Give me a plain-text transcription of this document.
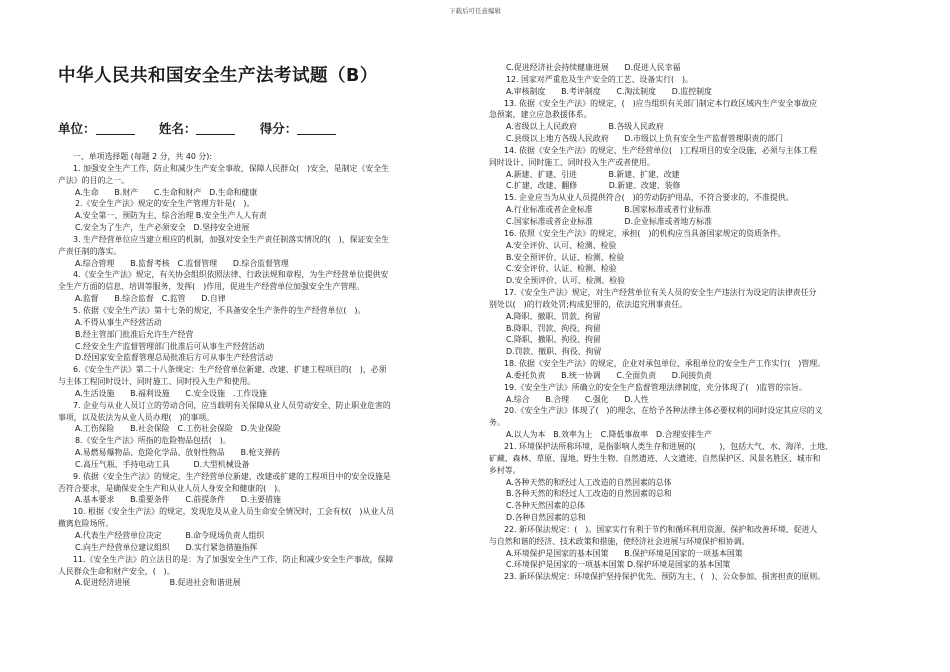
下载后可任意编辑
中华人民共和国安全生产法考试题（B）
单位：	姓名：	得分：
一、单项选择题 (每题 2 分，共 40 分):
1. 加强安全生产工作，防止和减少生产安全事故，保障人民群众(　)安全，是制定《安全生
产法》的目的之一。
A.生命　　B.财产　　C.生命和财产　D.生命和健康
2.《安全生产法》规定的安全生产管理方针是(　)。
A.安全第一、预防为主、综合治理 B.安全生产人人有责
C.安全为了生产，生产必须安全　D.坚持安全进展
3. 生产经营单位应当建立相应的机制，加强对安全生产责任制落实情况的(　)，保证安全生
产责任制的落实。
A.综合管理　　B.监督考核　C.监督管理　　D.综合监督管理
4.《安全生产法》规定，有关协会组织依照法律、行政法规和章程，为生产经营单位提供安
全生产方面的信息、培训等服务，发挥(　)作用，促进生产经营单位加强安全生产管理。
A.监督　　B.综合监督　C.监管　　D.自律
5. 依据《安全生产法》第十七条的规定，不具备安全生产条件的生产经营单位(　)。
A.不得从事生产经营活动
B.经主管部门批准后允许生产经营
C.经安全生产监督管理部门批准后可从事生产经营活动
D.经国家安全监督管理总局批准后方可从事生产经营活动
6.《安全生产法》第二十八条规定：生产经营单位新建、改建、扩建工程项目的(　)，必须
与主体工程同时设计、同时施工、同时投入生产和使用。
A.生活设施　　B.福利设施　　C.安全设施　.工作设施
7. 企业与从业人员订立的劳动合同，应当载明有关保障从业人员劳动安全、防止职业危害的
事项，以及依法为从业人员办理(　)的事项。
A.工伤保险　　B.社会保险　C.工伤社会保险　D.失业保险
8.《安全生产法》所指的危险物品包括(　)。
A.易燃易爆物品、危险化学品、放射性物品　　B.枪支弹药
C.高压气瓶、手持电动工具　　　D.大型机械设备
9. 依据《安全生产法》的规定，生产经营单位新建、改建或扩建的工程项目中的安全设施是
否符合要求，是确保安全生产和从业人员人身安全和健康的(　)。
A.基本要求　　B.重要条件　　C.前提条件　　D.主要措施
10. 根据《安全生产法》的规定，发现危及从业人员生命安全情况时，工会有权(　)从业人员
撤离危险场所。
A.代表生产经营单位决定　　　B.命令现场负责人组织
C.向生产经营单位建议组织　　D.实行紧急措施指挥
11.《安全生产法》的立法目的是：为了加强安全生产工作，防止和减少安全生产事故，保障
人民群众生命和财产安全，(　)。
A.促进经济进展　　　　　B.促进社会和谐进展
C.促进经济社会持续健康进展　　D.促进人民幸福
12. 国家对严重危及生产安全的工艺、设备实行(　)。
A.审核制度　　B.考评制度　　C.淘汰制度　　D.监控制度
13. 依据《安全生产法》的规定，(　)应当组织有关部门制定本行政区域内生产安全事故应
急预案，建立应急救援体系。
A.省级以上人民政府　　　　B.各级人民政府
C.县级以上地方各级人民政府　　D.市级以上负有安全生产监督管理职责的部门
14. 依据《安全生产法》的规定，生产经营单位(　)工程项目的安全设施，必须与主体工程
同时设计、同时施工、同时投入生产或者使用。
A.新建、扩建、引进　　　　B.新建、扩建、改建
C.扩建、改建、翻修　　　　D.新建、改建、装修
15. 企业应当为从业人员提供符合(　)的劳动防护用品，不符合要求的，不准提供。
A.行业标准或者企业标准　　　　B.国家标准或者行业标准
C.国家标准或者企业标准　　　　D.企业标准或者地方标准
16. 依照《安全生产法》的规定，承担(　)的机构应当具备国家规定的资质条件。
A.安全评价、认可、检测、检验
B.安全预评价、认证、检测、检验
C.安全评价、认证、检测、检验
D.安全预评价、认可、检测、检验
17.《安全生产法》规定，对生产经营单位有关人员的安全生产违法行为设定的法律责任分
别处以(　)的行政处罚;构成犯罪的，依法追究刑事责任。
A.降职、撤职、罚款、拘留
B.降职、罚款、拘役、拘留
C.降职、撤职、拘役、拘留
D.罚款、撤职、拘役、拘留
18. 依据《安全生产法》的规定，企业对承包单位、承租单位的安全生产工作实行(　)管理。
A.委托负责　　B.统一协调　　C.全面负责　　D.间接负责
19.《安全生产法》所确立的安全生产监督管理法律制度，充分体现了(　)监管的宗旨。
A.综合　　B.合理　　C.强化　　D.人性
20.《安全生产法》体现了(　)的理念，在给予各种法律主体必要权利的同时设定其应尽的义
务。
A.以人为本　B.效率为上　C.降低事故率　D.合理安排生产
21. 环境保护法所称环境，是指影响人类生存和进展的(　　　)，包括大气、水、海洋、土地、
矿藏、森林、草原、湿地、野生生物、自然遗迹、人文遗迹、自然保护区、风景名胜区、城市和
乡村等。
A.各种天然的和经过人工改造的自然因素的总体
B.各种天然的和经过人工改造的自然因素的总和
C.各种天然因素的总体
D.各种自然因素的总和
22. 新环保法规定：(　)。国家实行有利于节约和循环利用资源、保护和改善环境、促进人
与自然和谐的经济、技术政策和措施，使经济社会进展与环境保护相协调。
A.环境保护是国家的基本国策　　B.保护环境是国家的一项基本国策
C.环境保护是国家的一项基本国策 D.保护环境是国家的基本国策
23. 新环保法规定：环境保护坚持保护优先、预防为主、(　)、公众参加、损害担责的原则。
